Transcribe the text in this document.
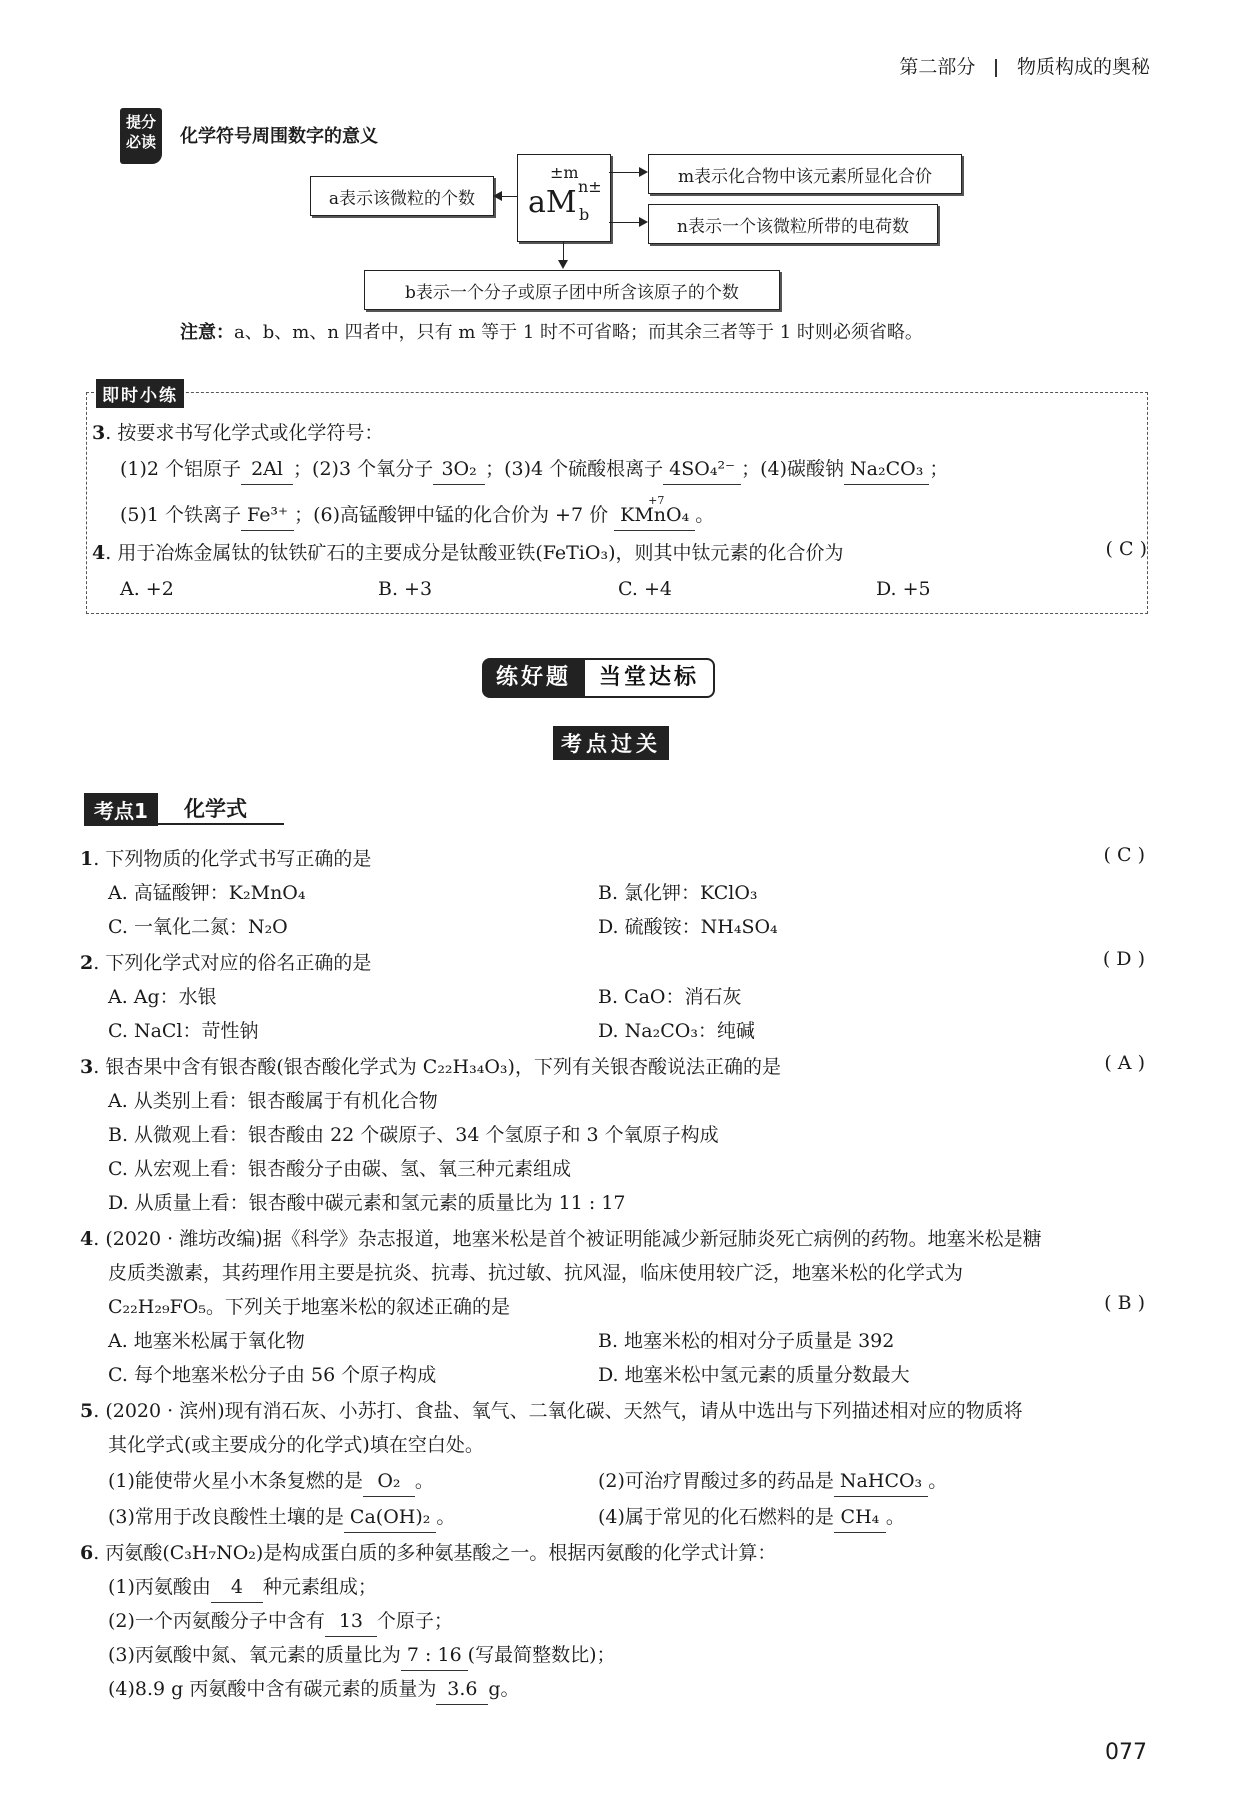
第二部分 物质构成的奥秘
提分
必读	化学符号周围数字的意义
a表示该微粒的个数
±m
aM n±
b
m表示化合物中该元素所显化合价
n表示一个该微粒所带的电荷数
b表示一个分子或原子团中所含该原子的个数
注意：a、b、m、n 四者中，只有 m 等于 1 时不可省略；而其余三者等于 1 时则必须省略。
即时小练
3. 按要求书写化学式或化学符号：
(1)2 个铝原子 2Al ；(2)3 个氧分子 3O₂ ；(3)4 个硫酸根离子 4SO₄²⁻ ；(4)碳酸钠 Na₂CO₃ ；
(5)1 个铁离子 Fe³⁺ ；(6)高锰酸钾中锰的化合价为 +7 价
+7
KMnO₄ 。
4. 用于冶炼金属钛的钛铁矿石的主要成分是钛酸亚铁(FeTiO₃)，则其中钛元素的化合价为	( C )
A. +2	B. +3	C. +4	D. +5
练好题	当堂达标
考点过关
考点1	化学式
1. 下列物质的化学式书写正确的是	( C )
A. 高锰酸钾：K₂MnO₄	B. 氯化钾：KClO₃
C. 一氧化二氮：N₂O	D. 硫酸铵：NH₄SO₄
2. 下列化学式对应的俗名正确的是	( D )
A. Ag：水银	B. CaO：消石灰
C. NaCl：苛性钠	D. Na₂CO₃：纯碱
3. 银杏果中含有银杏酸(银杏酸化学式为 C₂₂H₃₄O₃)，下列有关银杏酸说法正确的是	( A )
A. 从类别上看：银杏酸属于有机化合物
B. 从微观上看：银杏酸由 22 个碳原子、34 个氢原子和 3 个氧原子构成
C. 从宏观上看：银杏酸分子由碳、氢、氧三种元素组成
D. 从质量上看：银杏酸中碳元素和氢元素的质量比为 11 : 17
4. (2020 · 潍坊改编)据《科学》杂志报道，地塞米松是首个被证明能减少新冠肺炎死亡病例的药物。地塞米松是糖
皮质类激素，其药理作用主要是抗炎、抗毒、抗过敏、抗风湿，临床使用较广泛，地塞米松的化学式为
C₂₂H₂₉FO₅。下列关于地塞米松的叙述正确的是	( B )
A. 地塞米松属于氧化物	B. 地塞米松的相对分子质量是 392
C. 每个地塞米松分子由 56 个原子构成	D. 地塞米松中氢元素的质量分数最大
5. (2020 · 滨州)现有消石灰、小苏打、食盐、氧气、二氧化碳、天然气，请从中选出与下列描述相对应的物质将
其化学式(或主要成分的化学式)填在空白处。
(1)能使带火星小木条复燃的是 O₂ 。	(2)可治疗胃酸过多的药品是 NaHCO₃ 。
(3)常用于改良酸性土壤的是 Ca(OH)₂ 。	(4)属于常见的化石燃料的是 CH₄ 。
6. 丙氨酸(C₃H₇NO₂)是构成蛋白质的多种氨基酸之一。根据丙氨酸的化学式计算：
(1)丙氨酸由 4 种元素组成；
(2)一个丙氨酸分子中含有 13 个原子；
(3)丙氨酸中氮、氧元素的质量比为 7 : 16 (写最简整数比)；
(4)8.9 g 丙氨酸中含有碳元素的质量为 3.6 g。
077
